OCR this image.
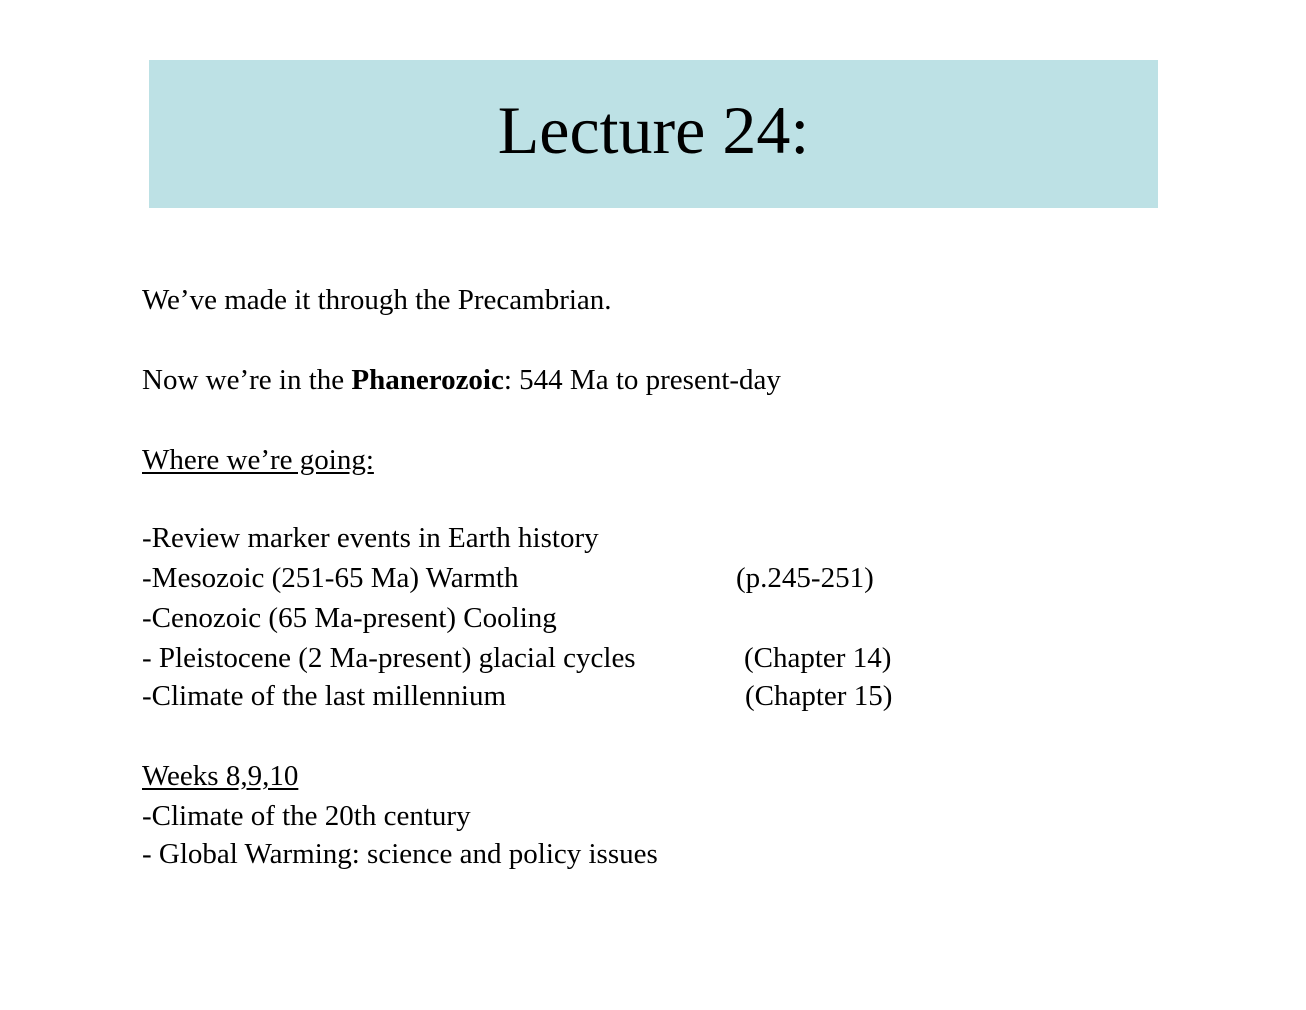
Lecture 24:
We’ve made it through the Precambrian.
Now we’re in the Phanerozoic: 544 Ma to present-day
Where we’re going:
-Review marker events in Earth history
-Mesozoic (251-65 Ma) Warmth	(p.245-251)
-Cenozoic (65 Ma-present) Cooling
- Pleistocene (2 Ma-present) glacial cycles	(Chapter 14)
-Climate of the last millennium	(Chapter 15)
Weeks 8,9,10
-Climate of the 20th century
- Global Warming: science and policy issues
